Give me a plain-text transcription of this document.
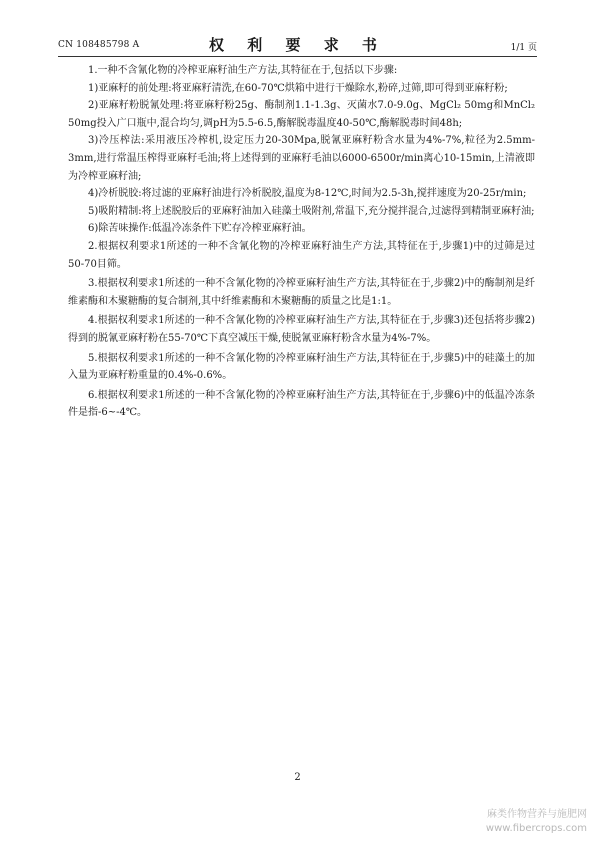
CN 108485798 A	权 利 要 求 书	1/1 页

1.一种不含氰化物的冷榨亚麻籽油生产方法,其特征在于,包括以下步骤:

1)亚麻籽的前处理:将亚麻籽清洗,在60-70℃烘箱中进行干燥除水,粉碎,过筛,即可得到亚麻籽粉;

2)亚麻籽粉脱氰处理:将亚麻籽粉25g、酶制剂1.1-1.3g、灭菌水7.0-9.0g、MgCl₂ 50mg和MnCl₂ 50mg投入广口瓶中,混合均匀,调pH为5.5-6.5,酶解脱毒温度40-50℃,酶解脱毒时间48h;

3)冷压榨法:采用液压冷榨机,设定压力20-30Mpa,脱氰亚麻籽粉含水量为4%-7%,粒径为2.5mm-3mm,进行常温压榨得亚麻籽毛油;将上述得到的亚麻籽毛油以6000-6500r/min离心10-15min,上清液即为冷榨亚麻籽油;

4)冷析脱胶:将过滤的亚麻籽油进行冷析脱胶,温度为8-12℃,时间为2.5-3h,搅拌速度为20-25r/min;

5)吸附精制:将上述脱胶后的亚麻籽油加入硅藻土吸附剂,常温下,充分搅拌混合,过滤得到精制亚麻籽油;

6)除苦味操作:低温冷冻条件下贮存冷榨亚麻籽油。

2.根据权利要求1所述的一种不含氰化物的冷榨亚麻籽油生产方法,其特征在于,步骤1)中的过筛是过50-70目筛。

3.根据权利要求1所述的一种不含氰化物的冷榨亚麻籽油生产方法,其特征在于,步骤2)中的酶制剂是纤维素酶和木聚糖酶的复合制剂,其中纤维素酶和木聚糖酶的质量之比是1:1。

4.根据权利要求1所述的一种不含氰化物的冷榨亚麻籽油生产方法,其特征在于,步骤3)还包括将步骤2)得到的脱氰亚麻籽粉在55-70℃下真空减压干燥,使脱氰亚麻籽粉含水量为4%-7%。

5.根据权利要求1所述的一种不含氰化物的冷榨亚麻籽油生产方法,其特征在于,步骤5)中的硅藻土的加入量为亚麻籽粉重量的0.4%-0.6%。

6.根据权利要求1所述的一种不含氰化物的冷榨亚麻籽油生产方法,其特征在于,步骤6)中的低温冷冻条件是指-6~-4℃。

2
麻类作物营养与施肥网
www.fibercrops.com
